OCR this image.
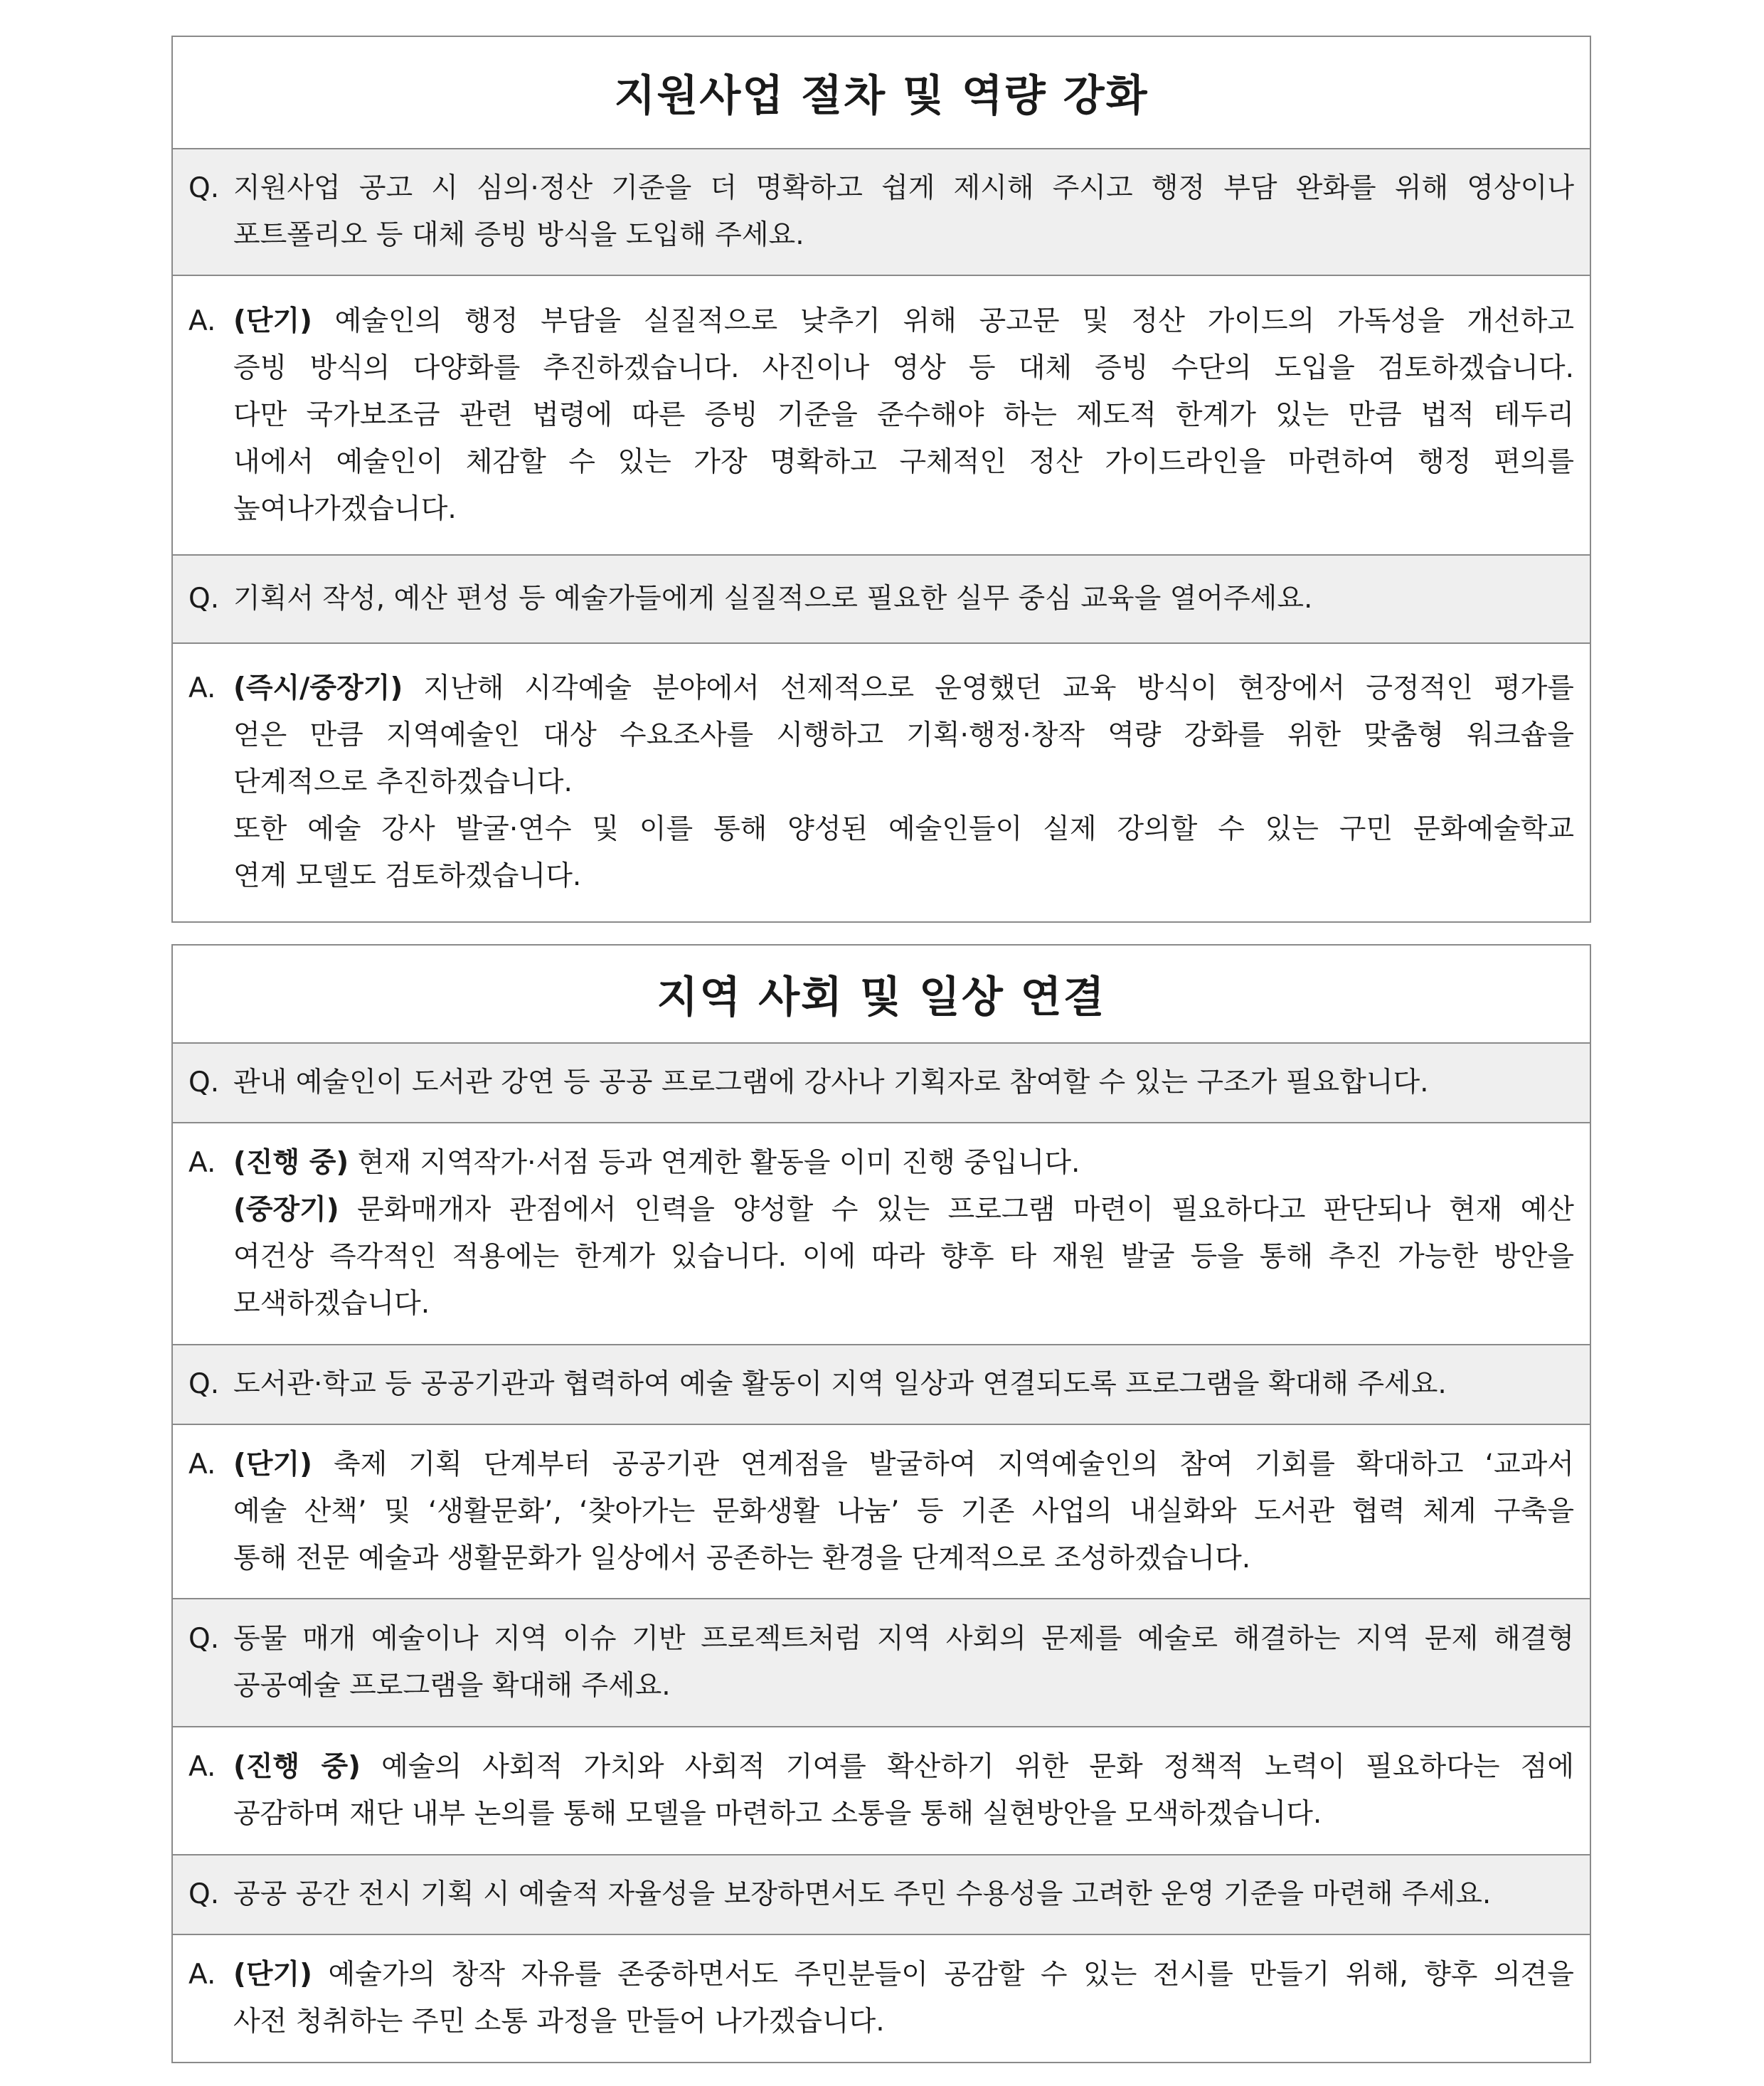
지원사업 절차 및 역량 강화
Q. 지원사업 공고 시 심의·정산 기준을 더 명확하고 쉽게 제시해 주시고 행정 부담 완화를 위해 영상이나
포트폴리오 등 대체 증빙 방식을 도입해 주세요.
A. (단기) 예술인의 행정 부담을 실질적으로 낮추기 위해 공고문 및 정산 가이드의 가독성을 개선하고
증빙 방식의 다양화를 추진하겠습니다. 사진이나 영상 등 대체 증빙 수단의 도입을 검토하겠습니다.
다만 국가보조금 관련 법령에 따른 증빙 기준을 준수해야 하는 제도적 한계가 있는 만큼 법적 테두리
내에서 예술인이 체감할 수 있는 가장 명확하고 구체적인 정산 가이드라인을 마련하여 행정 편의를
높여나가겠습니다.
Q. 기획서 작성, 예산 편성 등 예술가들에게 실질적으로 필요한 실무 중심 교육을 열어주세요.
A. (즉시/중장기) 지난해 시각예술 분야에서 선제적으로 운영했던 교육 방식이 현장에서 긍정적인 평가를
얻은 만큼 지역예술인 대상 수요조사를 시행하고 기획·행정·창작 역량 강화를 위한 맞춤형 워크숍을
단계적으로 추진하겠습니다.
또한 예술 강사 발굴·연수 및 이를 통해 양성된 예술인들이 실제 강의할 수 있는 구민 문화예술학교
연계 모델도 검토하겠습니다.
지역 사회 및 일상 연결
Q. 관내 예술인이 도서관 강연 등 공공 프로그램에 강사나 기획자로 참여할 수 있는 구조가 필요합니다.
A. (진행 중) 현재 지역작가·서점 등과 연계한 활동을 이미 진행 중입니다.
(중장기) 문화매개자 관점에서 인력을 양성할 수 있는 프로그램 마련이 필요하다고 판단되나 현재 예산
여건상 즉각적인 적용에는 한계가 있습니다. 이에 따라 향후 타 재원 발굴 등을 통해 추진 가능한 방안을
모색하겠습니다.
Q. 도서관·학교 등 공공기관과 협력하여 예술 활동이 지역 일상과 연결되도록 프로그램을 확대해 주세요.
A. (단기) 축제 기획 단계부터 공공기관 연계점을 발굴하여 지역예술인의 참여 기회를 확대하고 ‘교과서
예술 산책’ 및 ‘생활문화’, ‘찾아가는 문화생활 나눔’ 등 기존 사업의 내실화와 도서관 협력 체계 구축을
통해 전문 예술과 생활문화가 일상에서 공존하는 환경을 단계적으로 조성하겠습니다.
Q. 동물 매개 예술이나 지역 이슈 기반 프로젝트처럼 지역 사회의 문제를 예술로 해결하는 지역 문제 해결형
공공예술 프로그램을 확대해 주세요.
A. (진행 중) 예술의 사회적 가치와 사회적 기여를 확산하기 위한 문화 정책적 노력이 필요하다는 점에
공감하며 재단 내부 논의를 통해 모델을 마련하고 소통을 통해 실현방안을 모색하겠습니다.
Q. 공공 공간 전시 기획 시 예술적 자율성을 보장하면서도 주민 수용성을 고려한 운영 기준을 마련해 주세요.
A. (단기) 예술가의 창작 자유를 존중하면서도 주민분들이 공감할 수 있는 전시를 만들기 위해, 향후 의견을
사전 청취하는 주민 소통 과정을 만들어 나가겠습니다.
